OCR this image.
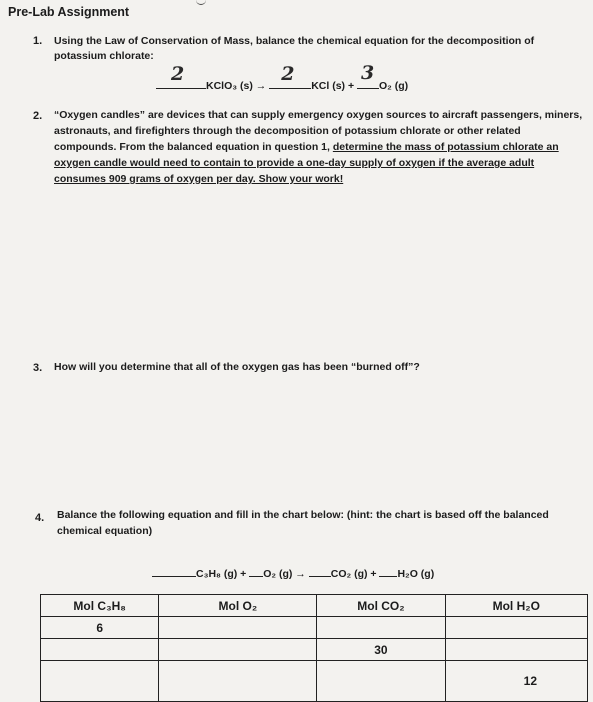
Pre-Lab Assignment
1. Using the Law of Conservation of Mass, balance the chemical equation for the decomposition of
potassium chlorate:
2
KClO₃ (s) →
2
KCl (s) +
3
O₂ (g)
2. “Oxygen candles” are devices that can supply emergency oxygen sources to aircraft passengers, miners,
astronauts, and firefighters through the decomposition of potassium chlorate or other related
compounds. From the balanced equation in question 1, determine the mass of potassium chlorate an
oxygen candle would need to contain to provide a one-day supply of oxygen if the average adult
consumes 909 grams of oxygen per day. Show your work!
3. How will you determine that all of the oxygen gas has been “burned off”?
4. Balance the following equation and fill in the chart below: (hint: the chart is based off the balanced
chemical equation)
C₃H₈ (g) + O₂ (g) → CO₂ (g) + H₂O (g)
Mol C₃H₈	Mol O₂	Mol CO₂	Mol H₂O
6			
		30	
			12
